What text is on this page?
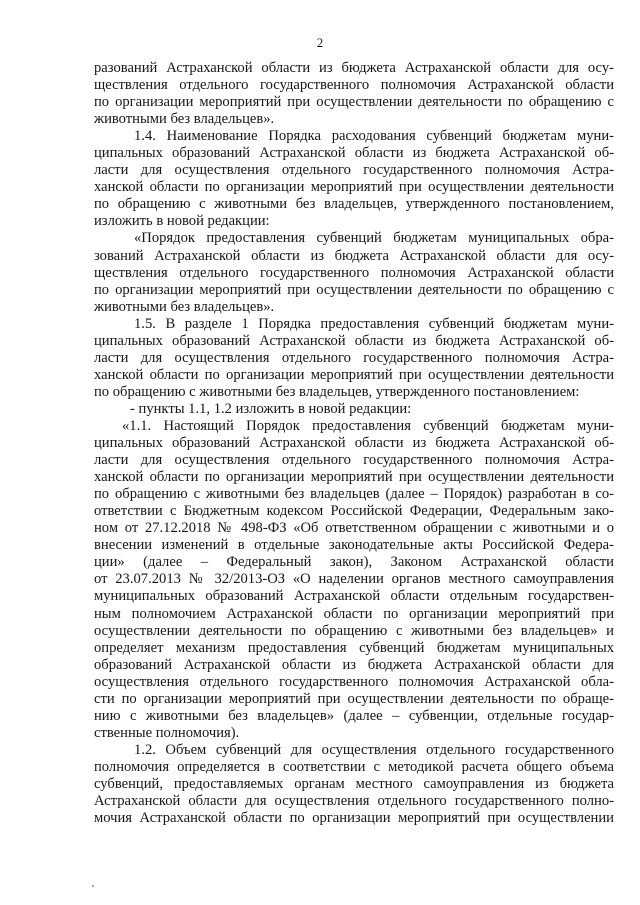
2
разований Астраханской области из бюджета Астраханской области для осу-
ществления отдельного государственного полномочия Астраханской области
по организации мероприятий при осуществлении деятельности по обращению с
животными без владельцев».
1.4. Наименование Порядка расходования субвенций бюджетам муни-
ципальных образований Астраханской области из бюджета Астраханской об-
ласти для осуществления отдельного государственного полномочия Астра-
ханской области по организации мероприятий при осуществлении деятельности
по обращению с животными без владельцев, утвержденного постановлением,
изложить в новой редакции:
«Порядок предоставления субвенций бюджетам муниципальных обра-
зований Астраханской области из бюджета Астраханской области для осу-
ществления отдельного государственного полномочия Астраханской области
по организации мероприятий при осуществлении деятельности по обращению с
животными без владельцев».
1.5. В разделе 1 Порядка предоставления субвенций бюджетам муни-
ципальных образований Астраханской области из бюджета Астраханской об-
ласти для осуществления отдельного государственного полномочия Астра-
ханской области по организации мероприятий при осуществлении деятельности
по обращению с животными без владельцев, утвержденного постановлением:
- пункты 1.1, 1.2 изложить в новой редакции:
«1.1. Настоящий Порядок предоставления субвенций бюджетам муни-
ципальных образований Астраханской области из бюджета Астраханской об-
ласти для осуществления отдельного государственного полномочия Астра-
ханской области по организации мероприятий при осуществлении деятельности
по обращению с животными без владельцев (далее – Порядок) разработан в со-
ответствии с Бюджетным кодексом Российской Федерации, Федеральным зако-
ном от 27.12.2018 № 498-ФЗ «Об ответственном обращении с животными и о
внесении изменений в отдельные законодательные акты Российской Федера-
ции» (далее – Федеральный закон), Законом Астраханской области
от 23.07.2013 № 32/2013-ОЗ «О наделении органов местного самоуправления
муниципальных образований Астраханской области отдельным государствен-
ным полномочием Астраханской области по организации мероприятий при
осуществлении деятельности по обращению с животными без владельцев» и
определяет механизм предоставления субвенций бюджетам муниципальных
образований Астраханской области из бюджета Астраханской области для
осуществления отдельного государственного полномочия Астраханской обла-
сти по организации мероприятий при осуществлении деятельности по обраще-
нию с животными без владельцев» (далее – субвенции, отдельные государ-
ственные полномочия).
1.2. Объем субвенций для осуществления отдельного государственного
полномочия определяется в соответствии с методикой расчета общего объема
субвенций, предоставляемых органам местного самоуправления из бюджета
Астраханской области для осуществления отдельного государственного полно-
мочия Астраханской области по организации мероприятий при осуществлении
